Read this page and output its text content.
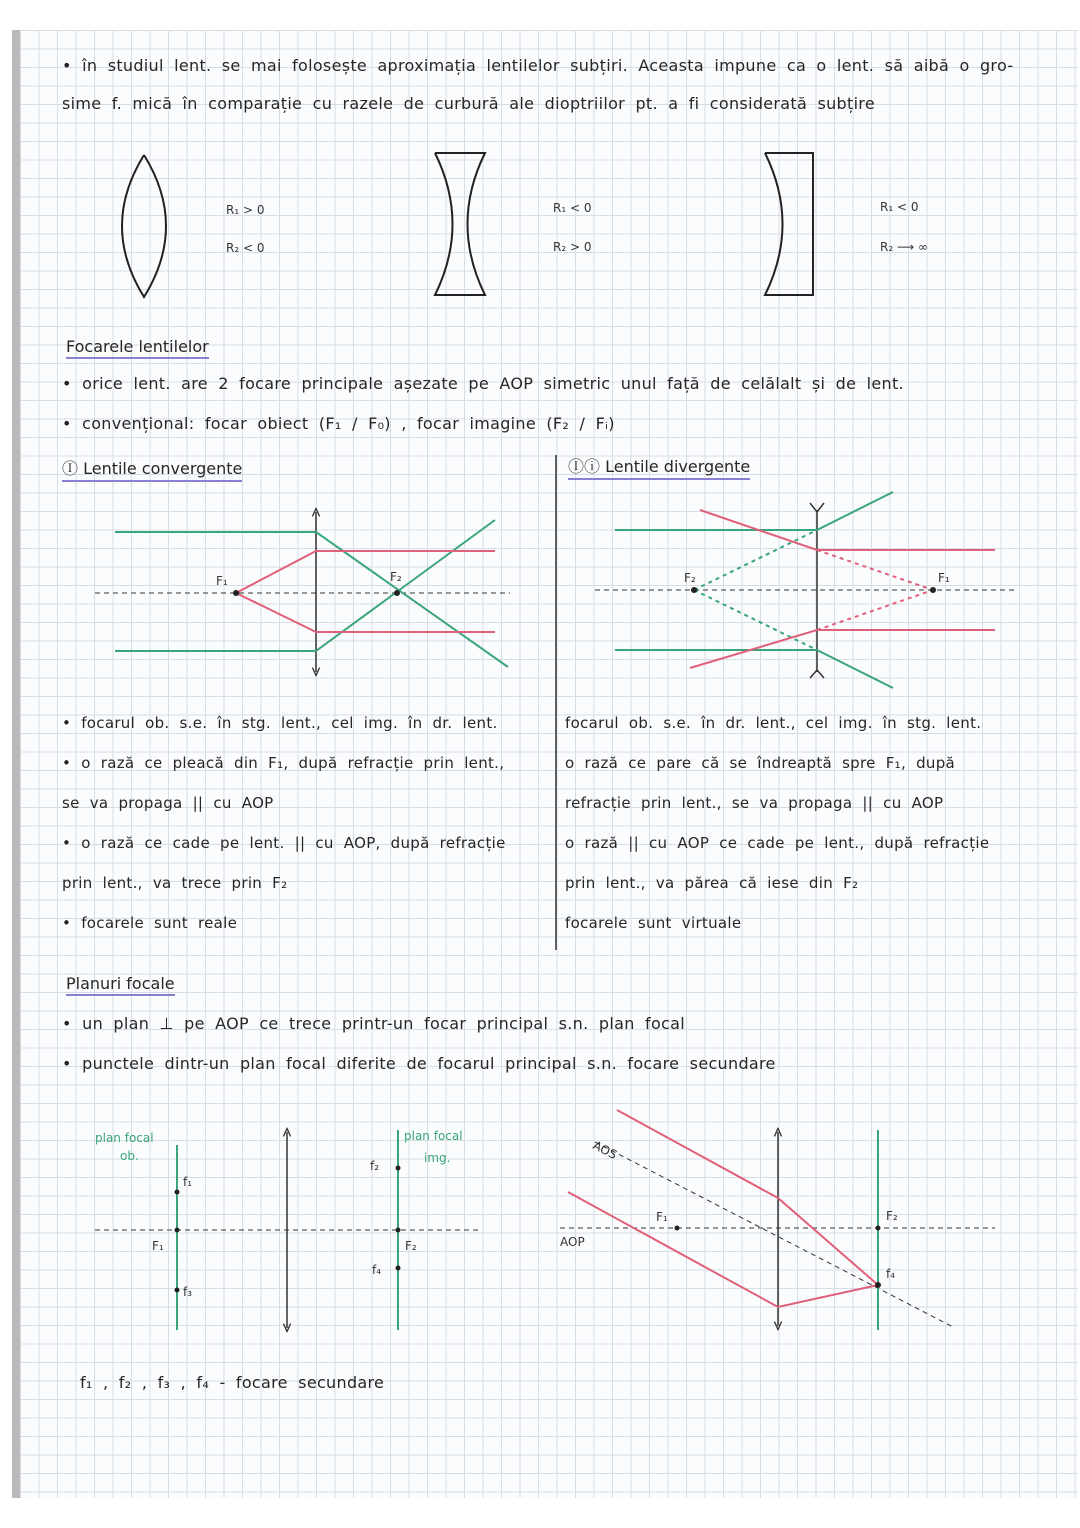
• în studiul lent. se mai folosește aproximația lentilelor subțiri. Aceasta impune ca o lent. să aibă o gro-
sime f. mică în comparație cu razele de curbură ale dioptriilor pt. a fi considerată subțire
Focarele lentilelor
• orice lent. are 2 focare principale așezate pe AOP simetric unul față de celălalt și de lent.
• convențional: focar obiect (F₁ / F₀) , focar imagine (F₂ / Fᵢ)
Ⓘ Lentile convergente	Ⓘⓘ Lentile divergente
• focarul ob. s.e. în stg. lent., cel img. în dr. lent.
• o rază ce pleacă din F₁, după refracție prin lent.,
se va propaga || cu AOP
• o rază ce cade pe lent. || cu AOP, după refracție
prin lent., va trece prin F₂
• focarele sunt reale
focarul ob. s.e. în dr. lent., cel img. în stg. lent.
o rază ce pare că se îndreaptă spre F₁, după
refracție prin lent., se va propaga || cu AOP
o rază || cu AOP ce cade pe lent., după refracție
prin lent., va părea că iese din F₂
focarele sunt virtuale
Planuri focale
• un plan ⊥ pe AOP ce trece printr-un focar principal s.n. plan focal
• punctele dintr-un plan focal diferite de focarul principal s.n. focare secundare
f₁ , f₂ , f₃ , f₄ - focare secundare
R₁ > 0
R₂ < 0
R₁ < 0
R₂ > 0
R₁ < 0
R₂ ⟶ ∞
F₁	F₂	F₂	F₁
plan focal
ob.
plan focal
img.
f₁
F₁
f₃
f₂
F₂
f₄
AOS
AOP
F₁	F₂
f₄
